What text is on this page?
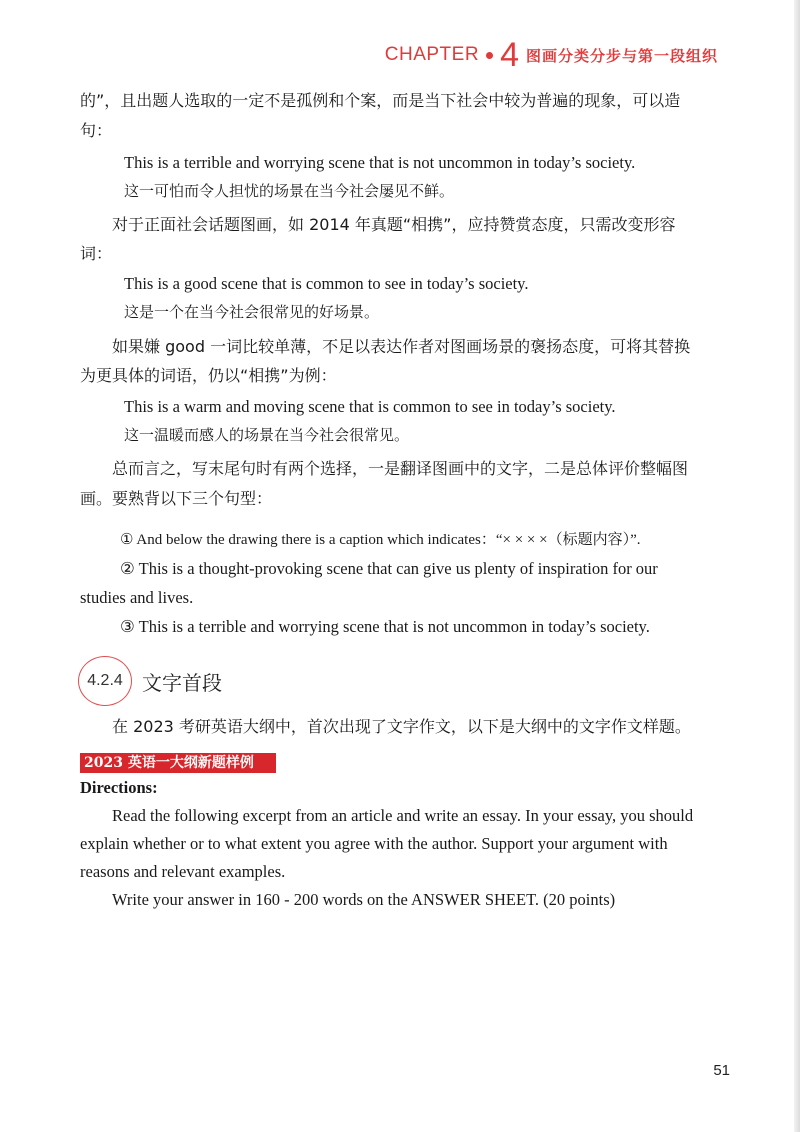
CHAPTER 4 图画分类分步与第一段组织
的”，且出题人选取的一定不是孤例和个案，而是当下社会中较为普遍的现象，可以造
句：
This is a terrible and worrying scene that is not uncommon in today’s society.
这一可怕而令人担忧的场景在当今社会屡见不鲜。
对于正面社会话题图画，如 2014 年真题“相携”，应持赞赏态度，只需改变形容
词：
This is a good scene that is common to see in today’s society.
这是一个在当今社会很常见的好场景。
如果嫌 good 一词比较单薄，不足以表达作者对图画场景的褒扬态度，可将其替换
为更具体的词语，仍以“相携”为例：
This is a warm and moving scene that is common to see in today’s society.
这一温暖而感人的场景在当今社会很常见。
总而言之，写末尾句时有两个选择，一是翻译图画中的文字，二是总体评价整幅图
画。要熟背以下三个句型：
① And below the drawing there is a caption which indicates：“× × × ×（标题内容）”.
② This is a thought-provoking scene that can give us plenty of inspiration for our
studies and lives.
③ This is a terrible and worrying scene that is not uncommon in today’s society.
4.2.4 文字首段
在 2023 考研英语大纲中，首次出现了文字作文，以下是大纲中的文字作文样题。
2023 英语一大纲新题样例
Directions:
Read the following excerpt from an article and write an essay. In your essay, you should
explain whether or to what extent you agree with the author. Support your argument with
reasons and relevant examples.
Write your answer in 160 - 200 words on the ANSWER SHEET. (20 points)
51
